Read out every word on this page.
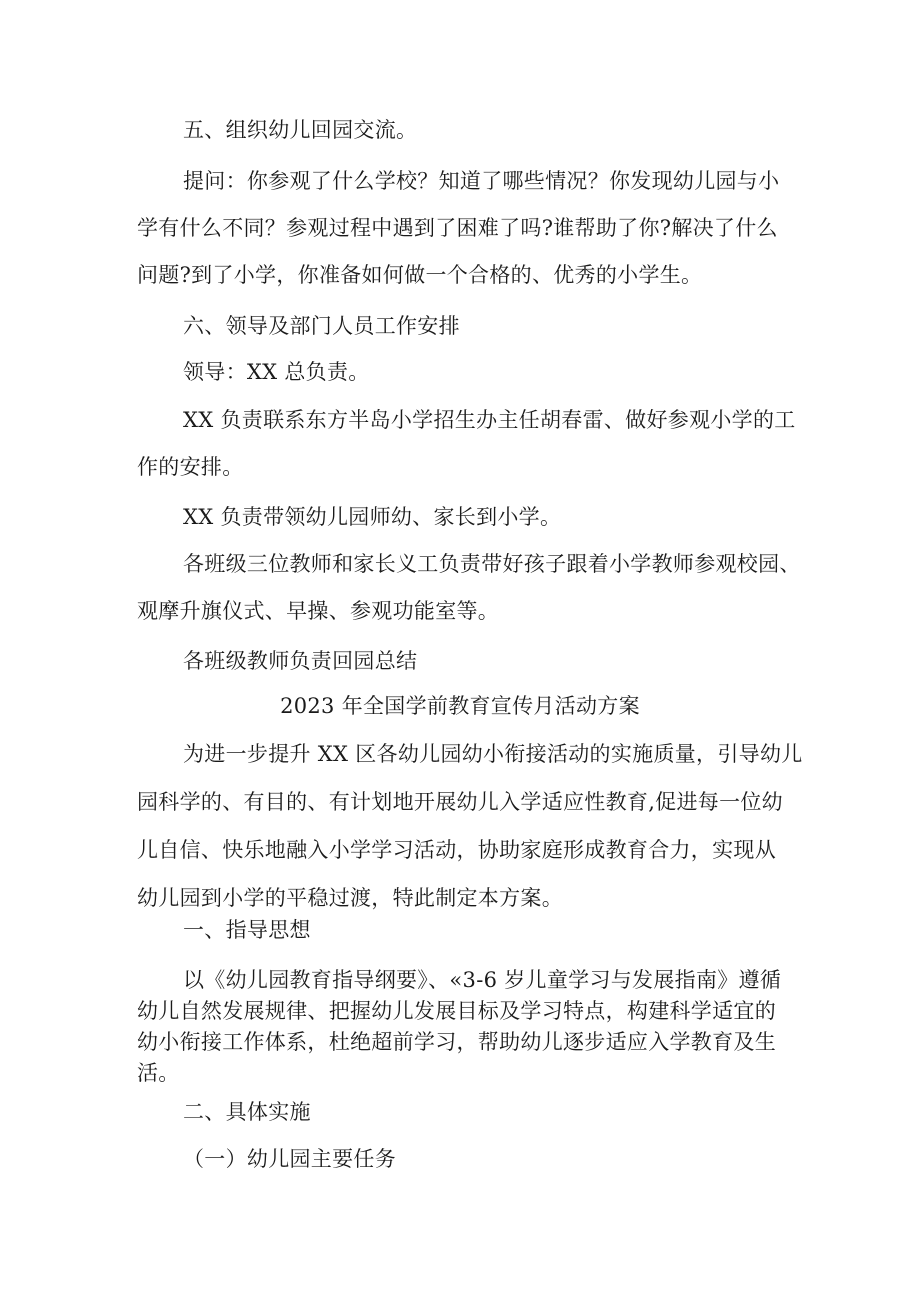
五、组织幼儿回园交流。
提问：你参观了什么学校？知道了哪些情况？你发现幼儿园与小
学有什么不同？参观过程中遇到了困难了吗?谁帮助了你?解决了什么
问题?到了小学，你准备如何做一个合格的、优秀的小学生。
六、领导及部门人员工作安排
领导：XX 总负责。
XX 负责联系东方半岛小学招生办主任胡春雷、做好参观小学的工
作的安排。
XX 负责带领幼儿园师幼、家长到小学。
各班级三位教师和家长义工负责带好孩子跟着小学教师参观校园、
观摩升旗仪式、早操、参观功能室等。
各班级教师负责回园总结
2023 年全国学前教育宣传月活动方案
为进一步提升 XX 区各幼儿园幼小衔接活动的实施质量，引导幼儿
园科学的、有目的、有计划地开展幼儿入学适应性教育,促进每一位幼
儿自信、快乐地融入小学学习活动，协助家庭形成教育合力，实现从
幼儿园到小学的平稳过渡，特此制定本方案。
一、指导思想
以《幼儿园教育指导纲要》、«3-6 岁儿童学习与发展指南》遵循
幼儿自然发展规律、把握幼儿发展目标及学习特点，构建科学适宜的
幼小衔接工作体系，杜绝超前学习，帮助幼儿逐步适应入学教育及生
活。
二、具体实施
（一）幼儿园主要任务
